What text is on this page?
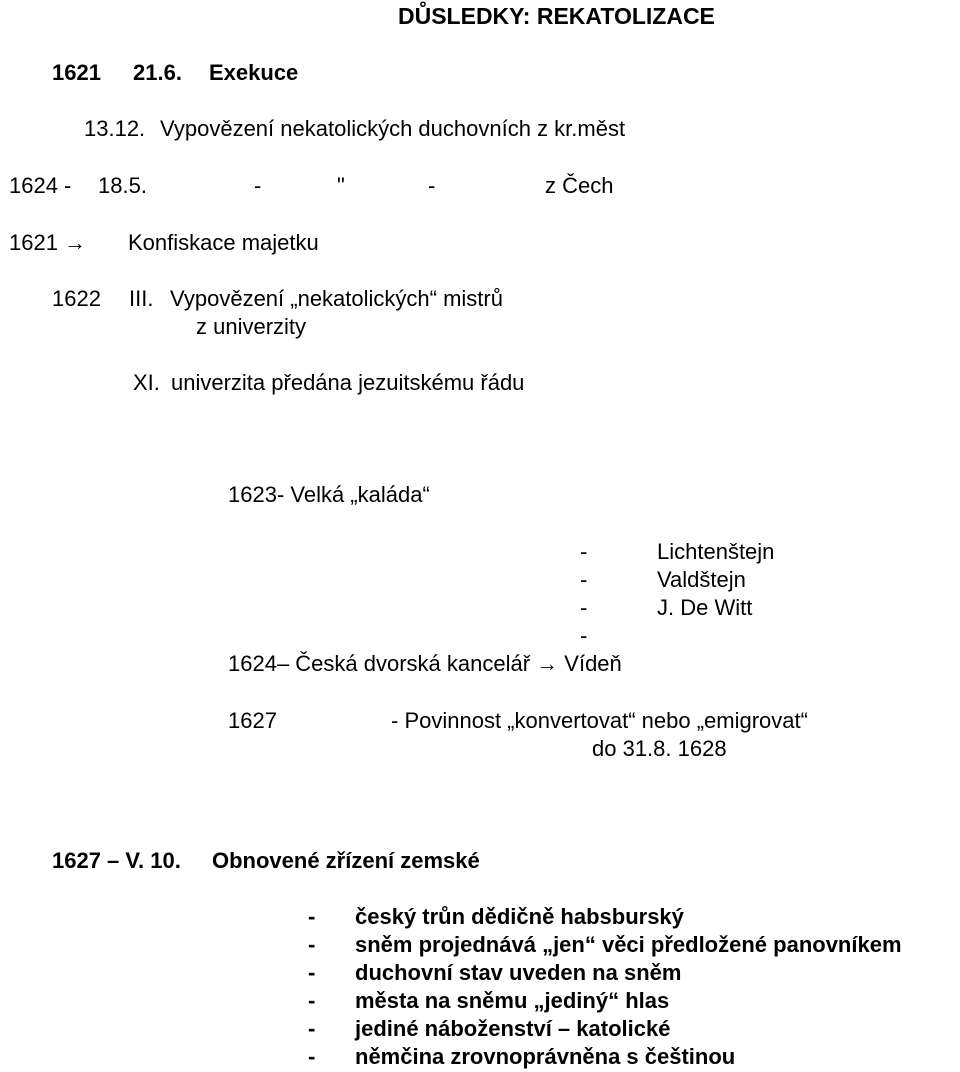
DŮSLEDKY: REKATOLIZACE
1621 21.6. Exekuce
13.12. Vypovězení nekatolických duchovních z kr.měst
1624 - 18.5.	-	"	-	z Čech
1621 → Konfiskace majetku
1622 III. Vypovězení „nekatolických“ mistrů
z univerzity
XI. univerzita předána jezuitskému řádu
1623- Velká „kaláda“
-	Lichtenštejn
-	Valdštejn
-	J. De Witt
-
1624– Česká dvorská kancelář → Vídeň
1627	- Povinnost „konvertovat“ nebo „emigrovat“
do 31.8. 1628
1627 – V. 10. Obnovené zřízení zemské
- český trůn dědičně habsburský
- sněm projednává „jen“ věci předložené panovníkem
- duchovní stav uveden na sněm
- města na sněmu „jediný“ hlas
- jediné náboženství – katolické
- němčina zrovnoprávněna s češtinou
